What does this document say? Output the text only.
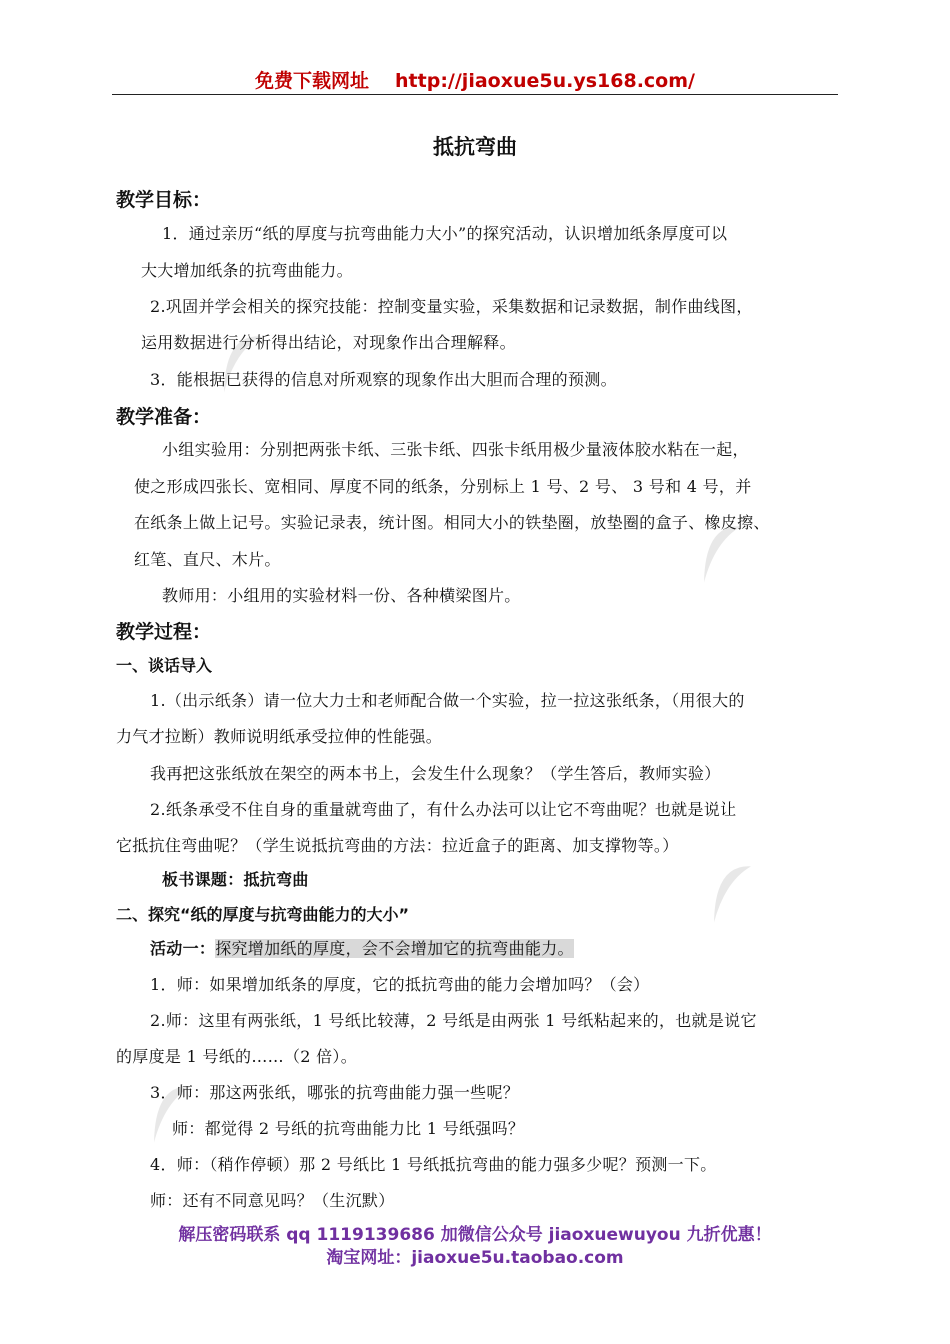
免费下载网址 http://jiaoxue5u.ys168.com/
抵抗弯曲
教学目标：
1．通过亲历“纸的厚度与抗弯曲能力大小”的探究活动，认识增加纸条厚度可以
大大增加纸条的抗弯曲能力。
2.巩固并学会相关的探究技能：控制变量实验，采集数据和记录数据，制作曲线图，
运用数据进行分析得出结论，对现象作出合理解释。
3．能根据已获得的信息对所观察的现象作出大胆而合理的预测。
教学准备：
小组实验用：分别把两张卡纸、三张卡纸、四张卡纸用极少量液体胶水粘在一起，
使之形成四张长、宽相同、厚度不同的纸条，分别标上 1 号、2 号、 3 号和 4 号，并
在纸条上做上记号。实验记录表，统计图。相同大小的铁垫圈，放垫圈的盒子、橡皮擦、
红笔、直尺、木片。
教师用：小组用的实验材料一份、各种横梁图片。
教学过程：
一、谈话导入
1.（出示纸条）请一位大力士和老师配合做一个实验，拉一拉这张纸条，（用很大的
力气才拉断）教师说明纸承受拉伸的性能强。
我再把这张纸放在架空的两本书上，会发生什么现象？（学生答后，教师实验）
2.纸条承受不住自身的重量就弯曲了，有什么办法可以让它不弯曲呢？也就是说让
它抵抗住弯曲呢？（学生说抵抗弯曲的方法：拉近盒子的距离、加支撑物等。）
板书课题：抵抗弯曲
二、探究“纸的厚度与抗弯曲能力的大小”
活动一：探究增加纸的厚度，会不会增加它的抗弯曲能力。
1．师：如果增加纸条的厚度，它的抵抗弯曲的能力会增加吗？（会）
2.师：这里有两张纸，1 号纸比较薄，2 号纸是由两张 1 号纸粘起来的，也就是说它
的厚度是 1 号纸的……（2 倍）。
3．师：那这两张纸，哪张的抗弯曲能力强一些呢？
师：都觉得 2 号纸的抗弯曲能力比 1 号纸强吗？
4．师：（稍作停顿）那 2 号纸比 1 号纸抵抗弯曲的能力强多少呢？预测一下。
师：还有不同意见吗？（生沉默）
解压密码联系 qq 1119139686 加微信公众号 jiaoxuewuyou 九折优惠！
淘宝网址：jiaoxue5u.taobao.com
